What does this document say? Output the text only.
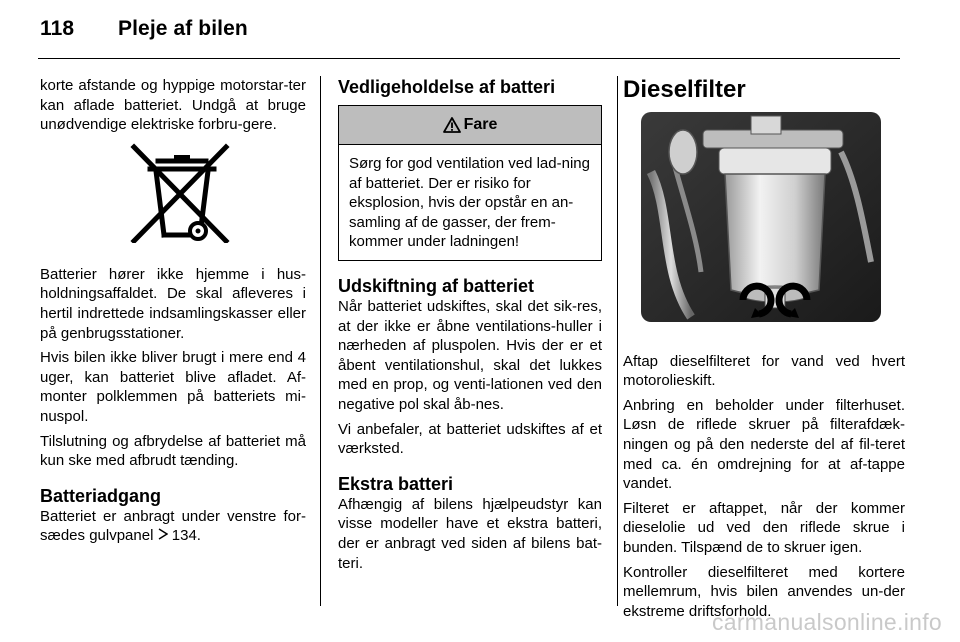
118 Pleje af bilen

korte afstande og hyppige motorstar-ter kan aflade batteriet. Undgå at bruge unødvendige elektriske forbru-gere.

Batterier hører ikke hjemme i hus-holdningsaffaldet. De skal afleveres i hertil indrettede indsamlingskasser eller på genbrugsstationer.

Hvis bilen ikke bliver brugt i mere end 4 uger, kan batteriet blive afladet. Af-monter polklemmen på batteriets mi-nuspol.

Tilslutning og afbrydelse af batteriet må kun ske med afbrudt tænding.

Batteriadgang

Batteriet er anbragt under venstre for-sædes gulvpanel 134.

Vedligeholdelse af batteri
Fare
Sørg for god ventilation ved lad-ning af batteriet. Der er risiko for eksplosion, hvis der opstår en an-samling af de gasser, der frem-kommer under ladningen!
Udskiftning af batteriet

Når batteriet udskiftes, skal det sik-res, at der ikke er åbne ventilations-huller i nærheden af pluspolen. Hvis der er et åbent ventilationshul, skal det lukkes med en prop, og venti-lationen ved den negative pol skal åb-nes.

Vi anbefaler, at batteriet udskiftes af et værksted.

Ekstra batteri

Afhængig af bilens hjælpeudstyr kan visse modeller have et ekstra batteri, der er anbragt ved siden af bilens bat-teri.

Dieselfilter

Aftap dieselfilteret for vand ved hvert motorolieskift.

Anbring en beholder under filterhuset. Løsn de riflede skruer på filterafdæk-ningen og på den nederste del af fil-teret med ca. én omdrejning for at af-tappe vandet.

Filteret er aftappet, når der kommer dieselolie ud ved den riflede skrue i bunden. Tilspænd de to skruer igen.

Kontroller dieselfilteret med kortere mellemrum, hvis bilen anvendes un-der ekstreme driftsforhold.

carmanualsonline.info
